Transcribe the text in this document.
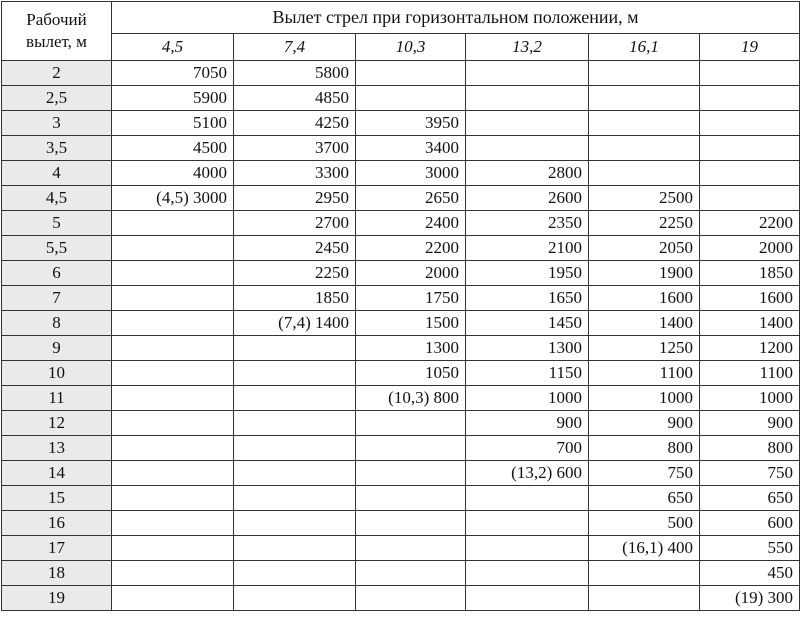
Рабочий
вылет, м	Вылет стрел при горизонтальном положении, м					
	4,5	7,4	10,3	13,2	16,1	19
2	7050	5800				
2,5	5900	4850				
3	5100	4250	3950			
3,5	4500	3700	3400			
4	4000	3300	3000	2800		
4,5	(4,5) 3000	2950	2650	2600	2500	
5		2700	2400	2350	2250	2200
5,5		2450	2200	2100	2050	2000
6		2250	2000	1950	1900	1850
7		1850	1750	1650	1600	1600
8		(7,4) 1400	1500	1450	1400	1400
9			1300	1300	1250	1200
10			1050	1150	1100	1100
11			(10,3) 800	1000	1000	1000
12				900	900	900
13				700	800	800
14				(13,2) 600	750	750
15					650	650
16					500	600
17					(16,1) 400	550
18						450
19						(19) 300
